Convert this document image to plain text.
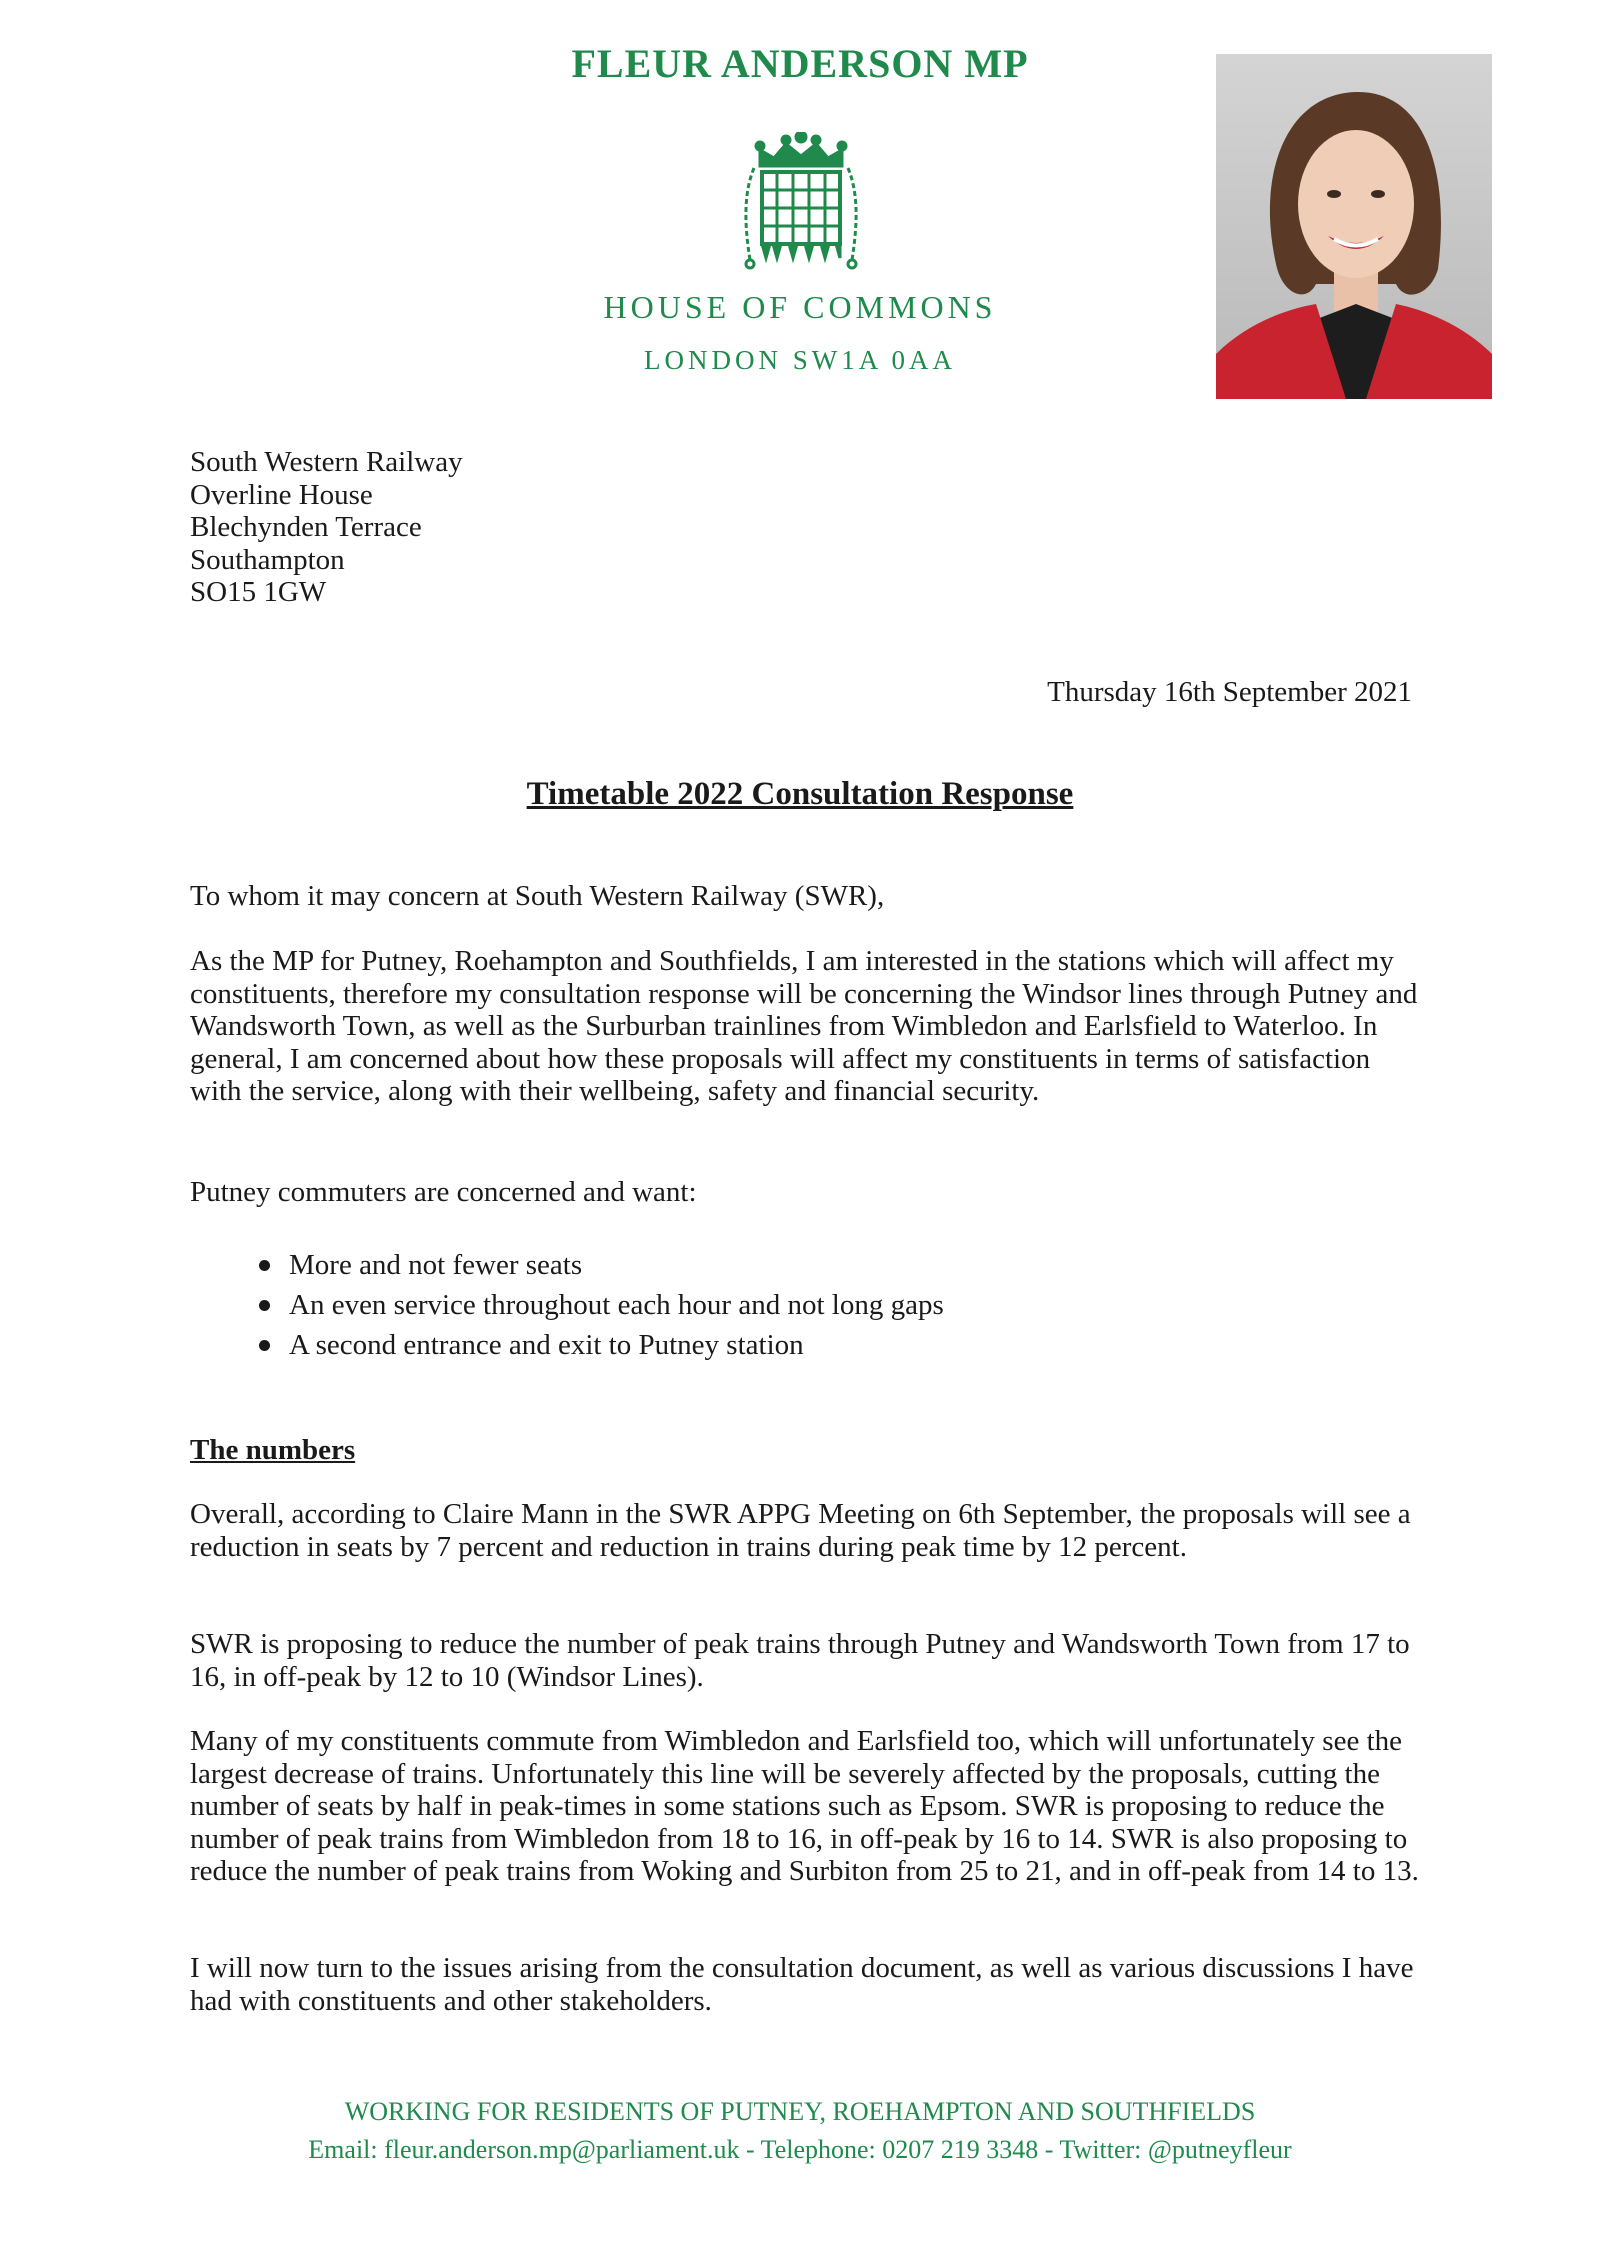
FLEUR ANDERSON MP
HOUSE OF COMMONS
LONDON SW1A 0AA
South Western Railway
Overline House
Blechynden Terrace
Southampton
SO15 1GW
Thursday 16th September 2021
Timetable 2022 Consultation Response
To whom it may concern at South Western Railway (SWR),

As the MP for Putney, Roehampton and Southfields, I am interested in the stations which will affect my constituents, therefore my consultation response will be concerning the Windsor lines through Putney and Wandsworth Town, as well as the Surburban trainlines from Wimbledon and Earlsfield to Waterloo. In general, I am concerned about how these proposals will affect my constituents in terms of satisfaction with the service, along with their wellbeing, safety and financial security.

Putney commuters are concerned and want:

More and not fewer seats
An even service throughout each hour and not long gaps
A second entrance and exit to Putney station
The numbers

Overall, according to Claire Mann in the SWR APPG Meeting on 6th September, the proposals will see a reduction in seats by 7 percent and reduction in trains during peak time by 12 percent.

SWR is proposing to reduce the number of peak trains through Putney and Wandsworth Town from 17 to 16, in off-peak by 12 to 10 (Windsor Lines).

Many of my constituents commute from Wimbledon and Earlsfield too, which will unfortunately see the largest decrease of trains. Unfortunately this line will be severely affected by the proposals, cutting the number of seats by half in peak-times in some stations such as Epsom. SWR is proposing to reduce the number of peak trains from Wimbledon from 18 to 16, in off-peak by 16 to 14. SWR is also proposing to reduce the number of peak trains from Woking and Surbiton from 25 to 21, and in off-peak from 14 to 13.

I will now turn to the issues arising from the consultation document, as well as various discussions I have had with constituents and other stakeholders.

WORKING FOR RESIDENTS OF PUTNEY, ROEHAMPTON AND SOUTHFIELDS
Email: fleur.anderson.mp@parliament.uk - Telephone: 0207 219 3348 - Twitter: @putneyfleur
